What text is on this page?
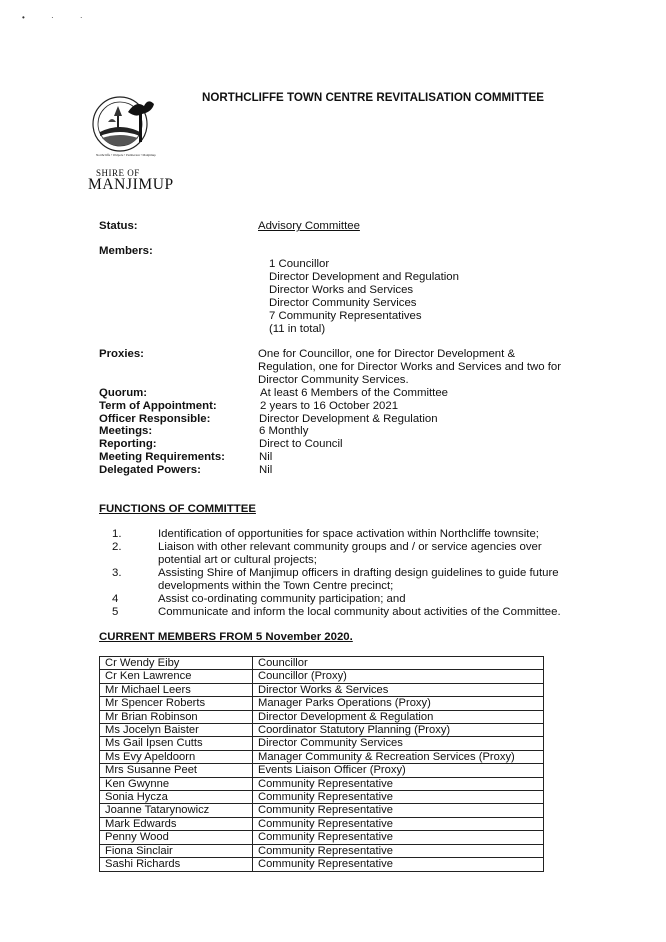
• · ·
Northcliffe • Walpole • Pemberton • Manjimup
SHIRE OF
MANJIMUP
NORTHCLIFFE TOWN CENTRE REVITALISATION COMMITTEE
Status:	Advisory Committee
Members:
1 Councillor
Director Development and Regulation
Director Works and Services
Director Community Services
7 Community Representatives
(11 in total)
Proxies:	One for Councillor, one for Director Development & Regulation, one for Director Works and Services and two for Director Community Services.
Quorum:	At least 6 Members of the Committee
Term of Appointment:	2 years to 16 October 2021
Officer Responsible:	Director Development & Regulation
Meetings:	6 Monthly
Reporting:	Direct to Council
Meeting Requirements:	Nil
Delegated Powers:	Nil
FUNCTIONS OF COMMITTEE
1.	Identification of opportunities for space activation within Northcliffe townsite;
2.	Liaison with other relevant community groups and / or service agencies over potential art or cultural projects;
3.	Assisting Shire of Manjimup officers in drafting design guidelines to guide future developments within the Town Centre precinct;
4	Assist co-ordinating community participation; and
5	Communicate and inform the local community about activities of the Committee.
CURRENT MEMBERS FROM 5 November 2020.
Cr Wendy Eiby	Councillor
Cr Ken Lawrence	Councillor (Proxy)
Mr Michael Leers	Director Works & Services
Mr Spencer Roberts	Manager Parks Operations (Proxy)
Mr Brian Robinson	Director Development & Regulation
Ms Jocelyn Baister	Coordinator Statutory Planning (Proxy)
Ms Gail Ipsen Cutts	Director Community Services
Ms Evy Apeldoorn	Manager Community & Recreation Services (Proxy)
Mrs Susanne Peet	Events Liaison Officer (Proxy)
Ken Gwynne	Community Representative
Sonia Hycza	Community Representative
Joanne Tatarynowicz	Community Representative
Mark Edwards	Community Representative
Penny Wood	Community Representative
Fiona Sinclair	Community Representative
Sashi Richards	Community Representative
